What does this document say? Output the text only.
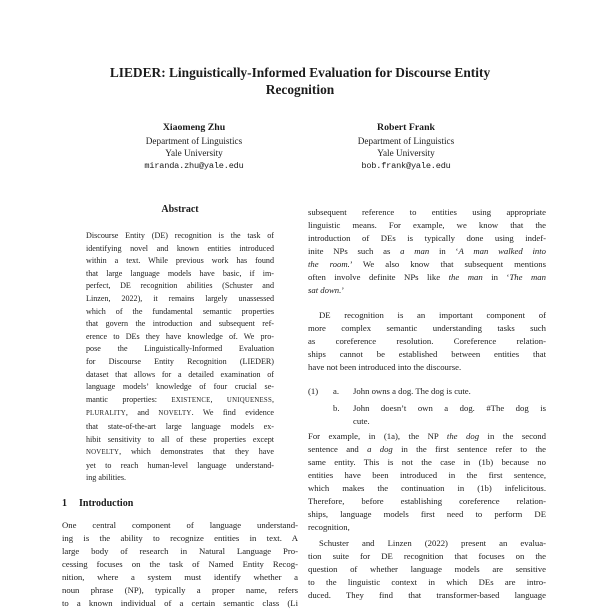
LIEDER: Linguistically-Informed Evaluation for Discourse Entity
Recognition
Xiaomeng Zhu
Department of Linguistics
Yale University
miranda.zhu@yale.edu
Robert Frank
Department of Linguistics
Yale University
bob.frank@yale.edu
Abstract
Discourse Entity (DE) recognition is the task of
identifying novel and known entities introduced
within a text. While previous work has found
that large language models have basic, if im-
perfect, DE recognition abilities (Schuster and
Linzen, 2022), it remains largely unassessed
which of the fundamental semantic properties
that govern the introduction and subsequent ref-
erence to DEs they have knowledge of. We pro-
pose the Linguistically-Informed Evaluation
for Discourse Entity Recognition (LIEDER)
dataset that allows for a detailed examination of
language models’ knowledge of four crucial se-
mantic properties: EXISTENCE, UNIQUENESS,
PLURALITY, and NOVELTY. We find evidence
that state-of-the-art large language models ex-
hibit sensitivity to all of these properties except
NOVELTY, which demonstrates that they have
yet to reach human-level language understand-
ing abilities.
1 Introduction
One central component of language understand-
ing is the ability to recognize entities in text. A
large body of research in Natural Language Pro-
cessing focuses on the task of Named Entity Recog-
nition, where a system must identify whether a
noun phrase (NP), typically a proper name, refers
to a known individual of a certain semantic class (Li
subsequent reference to entities using appropriate
linguistic means. For example, we know that the
introduction of DEs is typically done using indef-
inite NPs such as a man in ‘A man walked into
the room.’ We also know that subsequent mentions
often involve definite NPs like the man in ‘The man
sat down.’
DE recognition is an important component of
more complex semantic understanding tasks such
as coreference resolution. Coreference relation-
ships cannot be established between entities that
have not been introduced into the discourse.
(1)	a.	John owns a dog. The dog is cute.
b.	John doesn’t own a dog. #The dog is
cute.
For example, in (1a), the NP the dog in the second
sentence and a dog in the first sentence refer to the
same entity. This is not the case in (1b) because no
entities have been introduced in the first sentence,
which makes the continuation in (1b) infelicitous.
Therefore, before establishing coreference relation-
ships, language models first need to perform DE
recognition,
Schuster and Linzen (2022) present an evalua-
tion suite for DE recognition that focuses on the
question of whether language models are sensitive
to the linguistic context in which DEs are intro-
duced. They find that transformer-based language
